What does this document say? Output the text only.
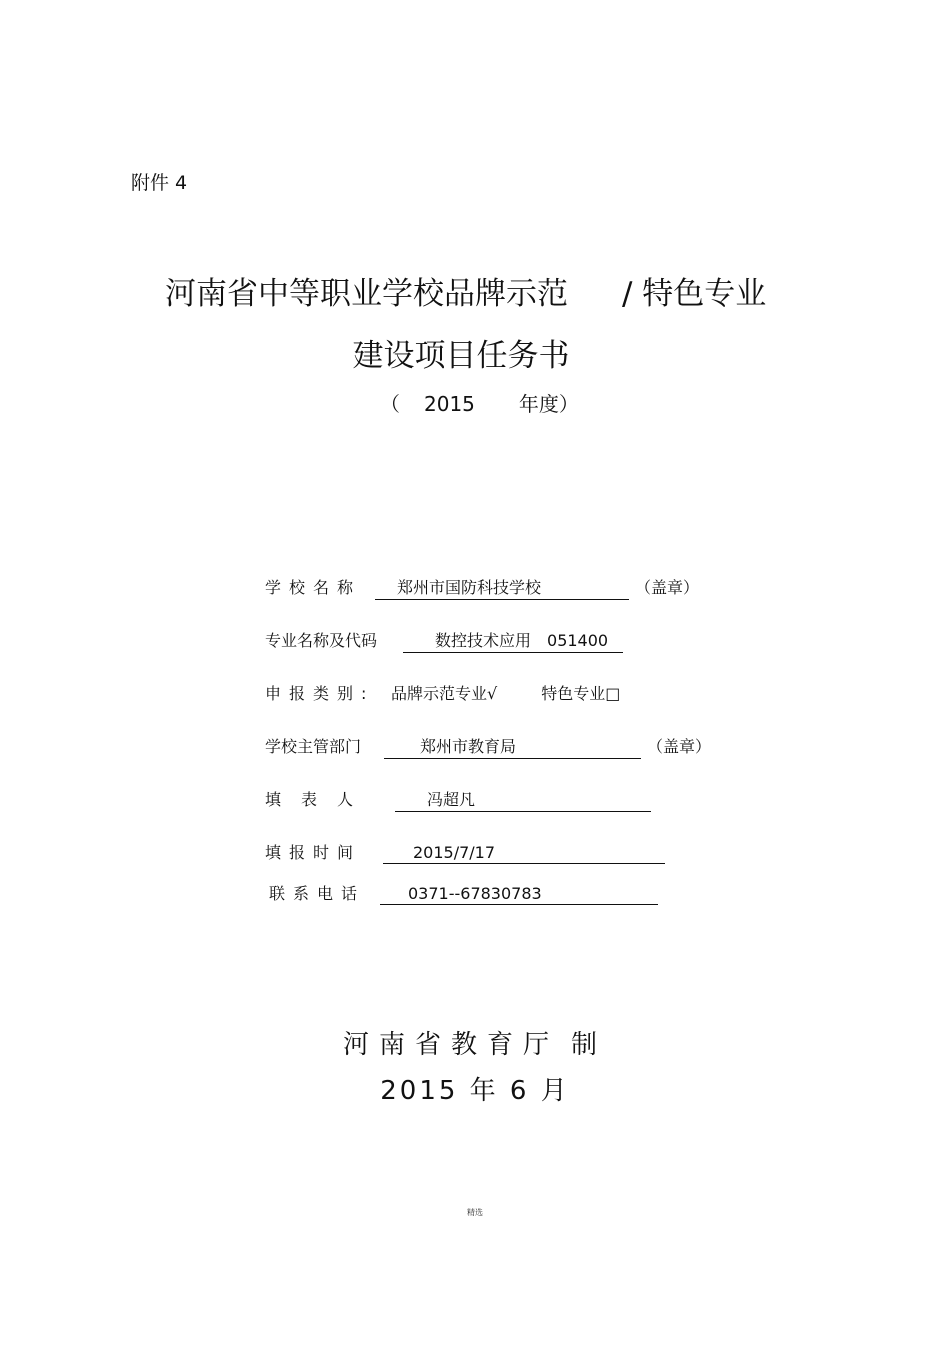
附件 4
河南省中等职业学校品牌示范 / 特色专业
建设项目任务书
（ 2015 年度）
学校名称 郑州市国防科技学校	（盖章）
专业名称及代码	数控技术应用 051400
申报类别: 品牌示范专业√	特色专业□
学校主管部门	郑州市教育局	（盖章）
填表人	冯超凡
填报时间	2015/7/17
联系电话	0371--67830783
河南省教育厅 制
2015 年 6 月
精选
